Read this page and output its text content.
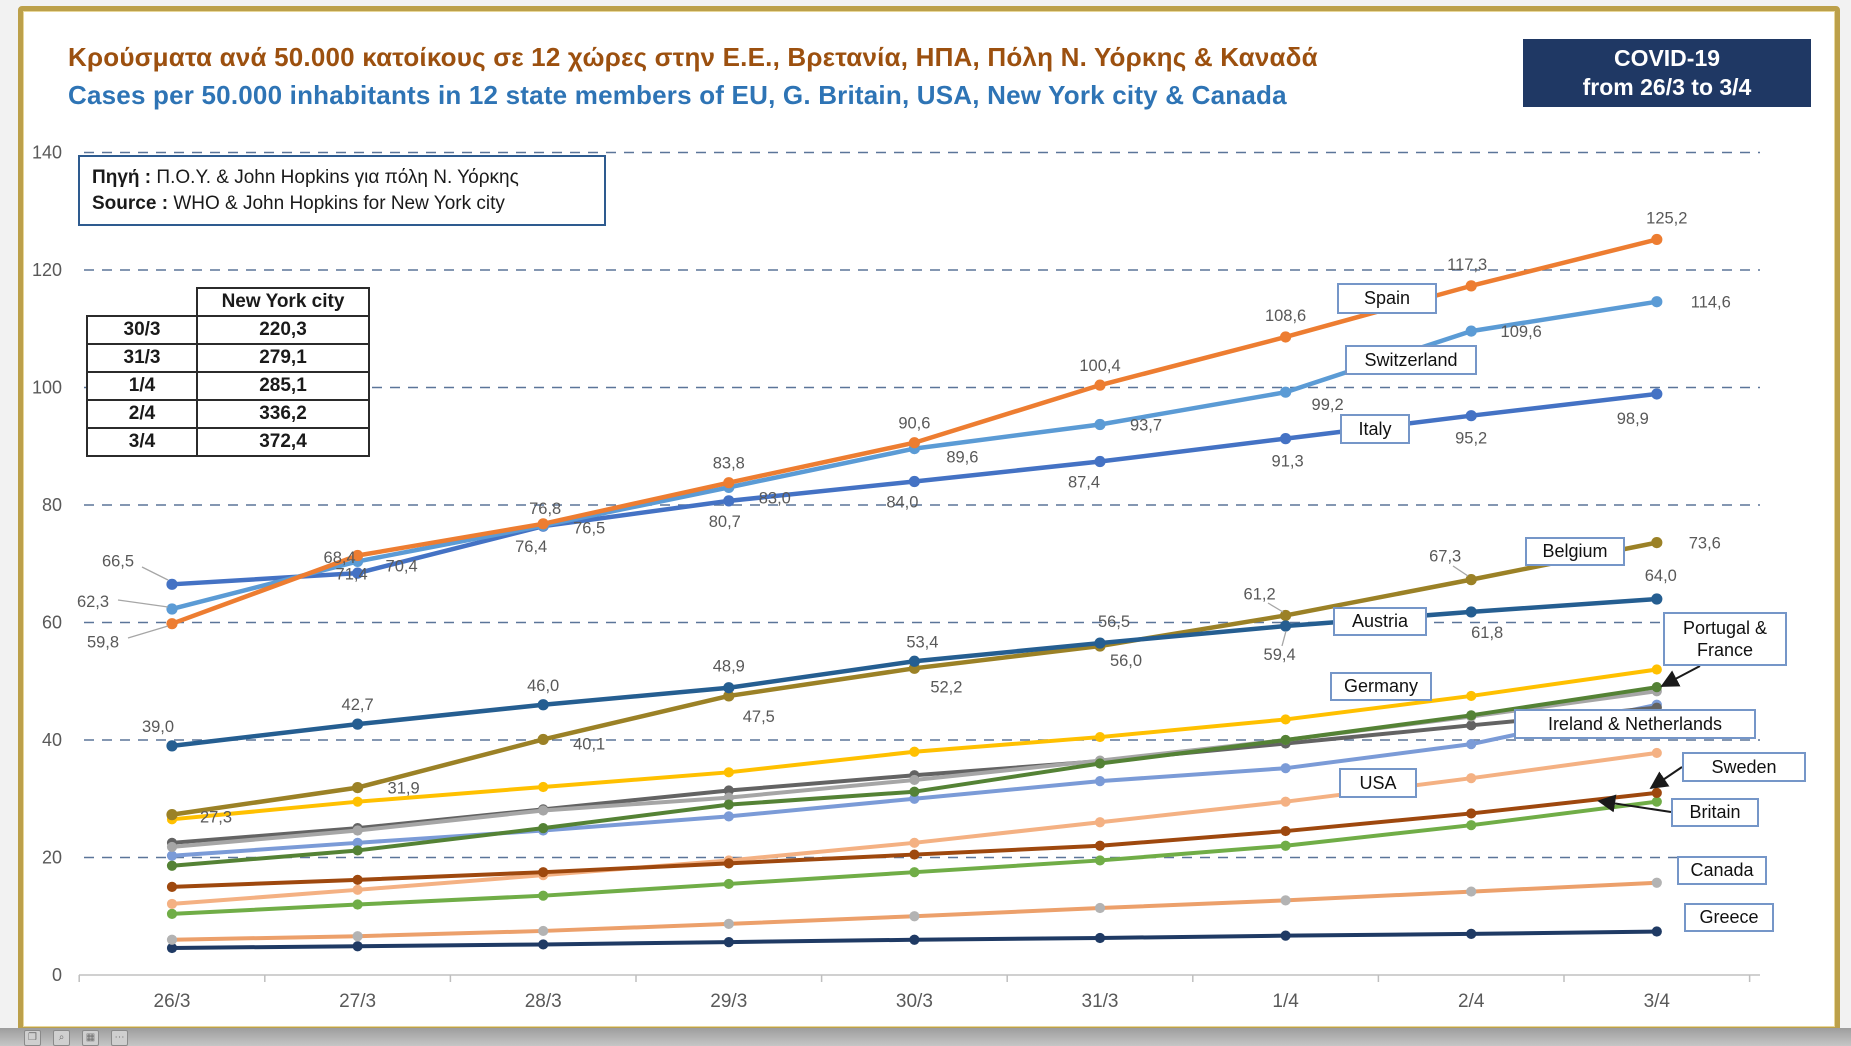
0
20
40
60
80
100
120
140
26/3	27/3	28/3	29/3	30/3	31/3	1/4	2/4	3/4
27,3
31,9
40,1
47,5
52,2
56,0
61,2
67,3
73,6
39,0
42,7
46,0
48,9
53,4
56,5
59,4
61,8
64,0
66,5	68,4
76,4
80,7
84,0
87,4
91,3
95,2
98,9
62,3
70,4
76,5
83,0
89,6
93,7
99,2
109,6
114,6
59,8
71,4
76,8
83,8
90,6
100,4
108,6
117,3
125,2
Κρούσματα ανά 50.000 κατοίκους σε 12 χώρες στην Ε.Ε., Βρετανία, ΗΠΑ, Πόλη Ν. Υόρκης & Καναδά
Cases per 50.000 inhabitants in 12 state members of EU, G. Britain, USA, New York city & Canada
COVID-19
from 26/3 to 3/4
Πηγή : Π.Ο.Υ. & John Hopkins για πόλη Ν. Υόρκης
Source : WHO & John Hopkins for New York city
	New York city
30/3	220,3
31/3	279,1
1/4	285,1
2/4	336,2
3/4	372,4
Spain
Switzerland
Italy
Belgium
Austria	Portugal &
France
Germany
Ireland & Netherlands
USA
Sweden
Britain
Canada
Greece
❐	⌕	▦	⋯
